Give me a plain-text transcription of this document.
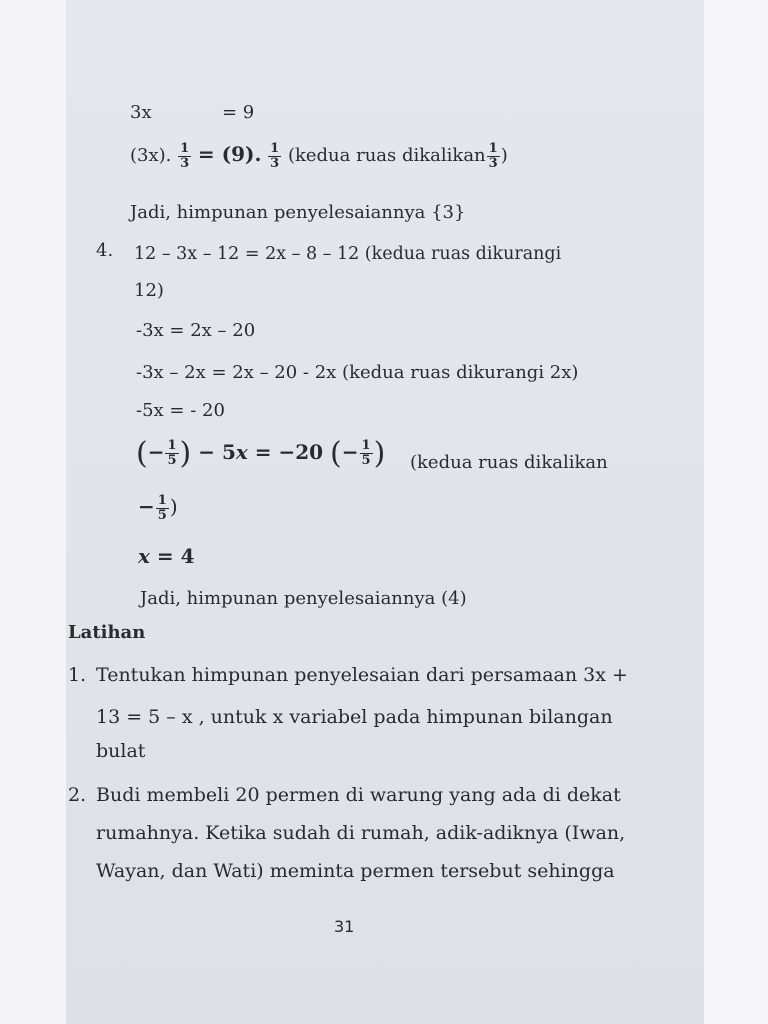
3x	= 9
(3x). $\frac{1}{3} = (9)$. $\frac{1}{3}$ (kedua ruas dikalikan $\frac{1}{3}$ )
Jadi, himpunan penyelesaiannya {3}
4. 12 – 3x – 12 = 2x – 8 – 12 (kedua ruas dikurangi
12)
-3x = 2x – 20
-3x – 2x = 2x – 20 - 2x (kedua ruas dikurangi 2x)
-5x = - 20
(− $\frac{1}{5}$ ) − 5x = −20 (− $\frac{1}{5}$ ) (kedua ruas dikalikan
− $\frac{1}{5}$ )
x = 4
Jadi, himpunan penyelesaiannya (4)
Latihan
1. Tentukan himpunan penyelesaian dari persamaan 3x +
13 = 5 – x , untuk x variabel pada himpunan bilangan
bulat
2. Budi membeli 20 permen di warung yang ada di dekat
rumahnya. Ketika sudah di rumah, adik-adiknya (Iwan,
Wayan, dan Wati) meminta permen tersebut sehingga
31
